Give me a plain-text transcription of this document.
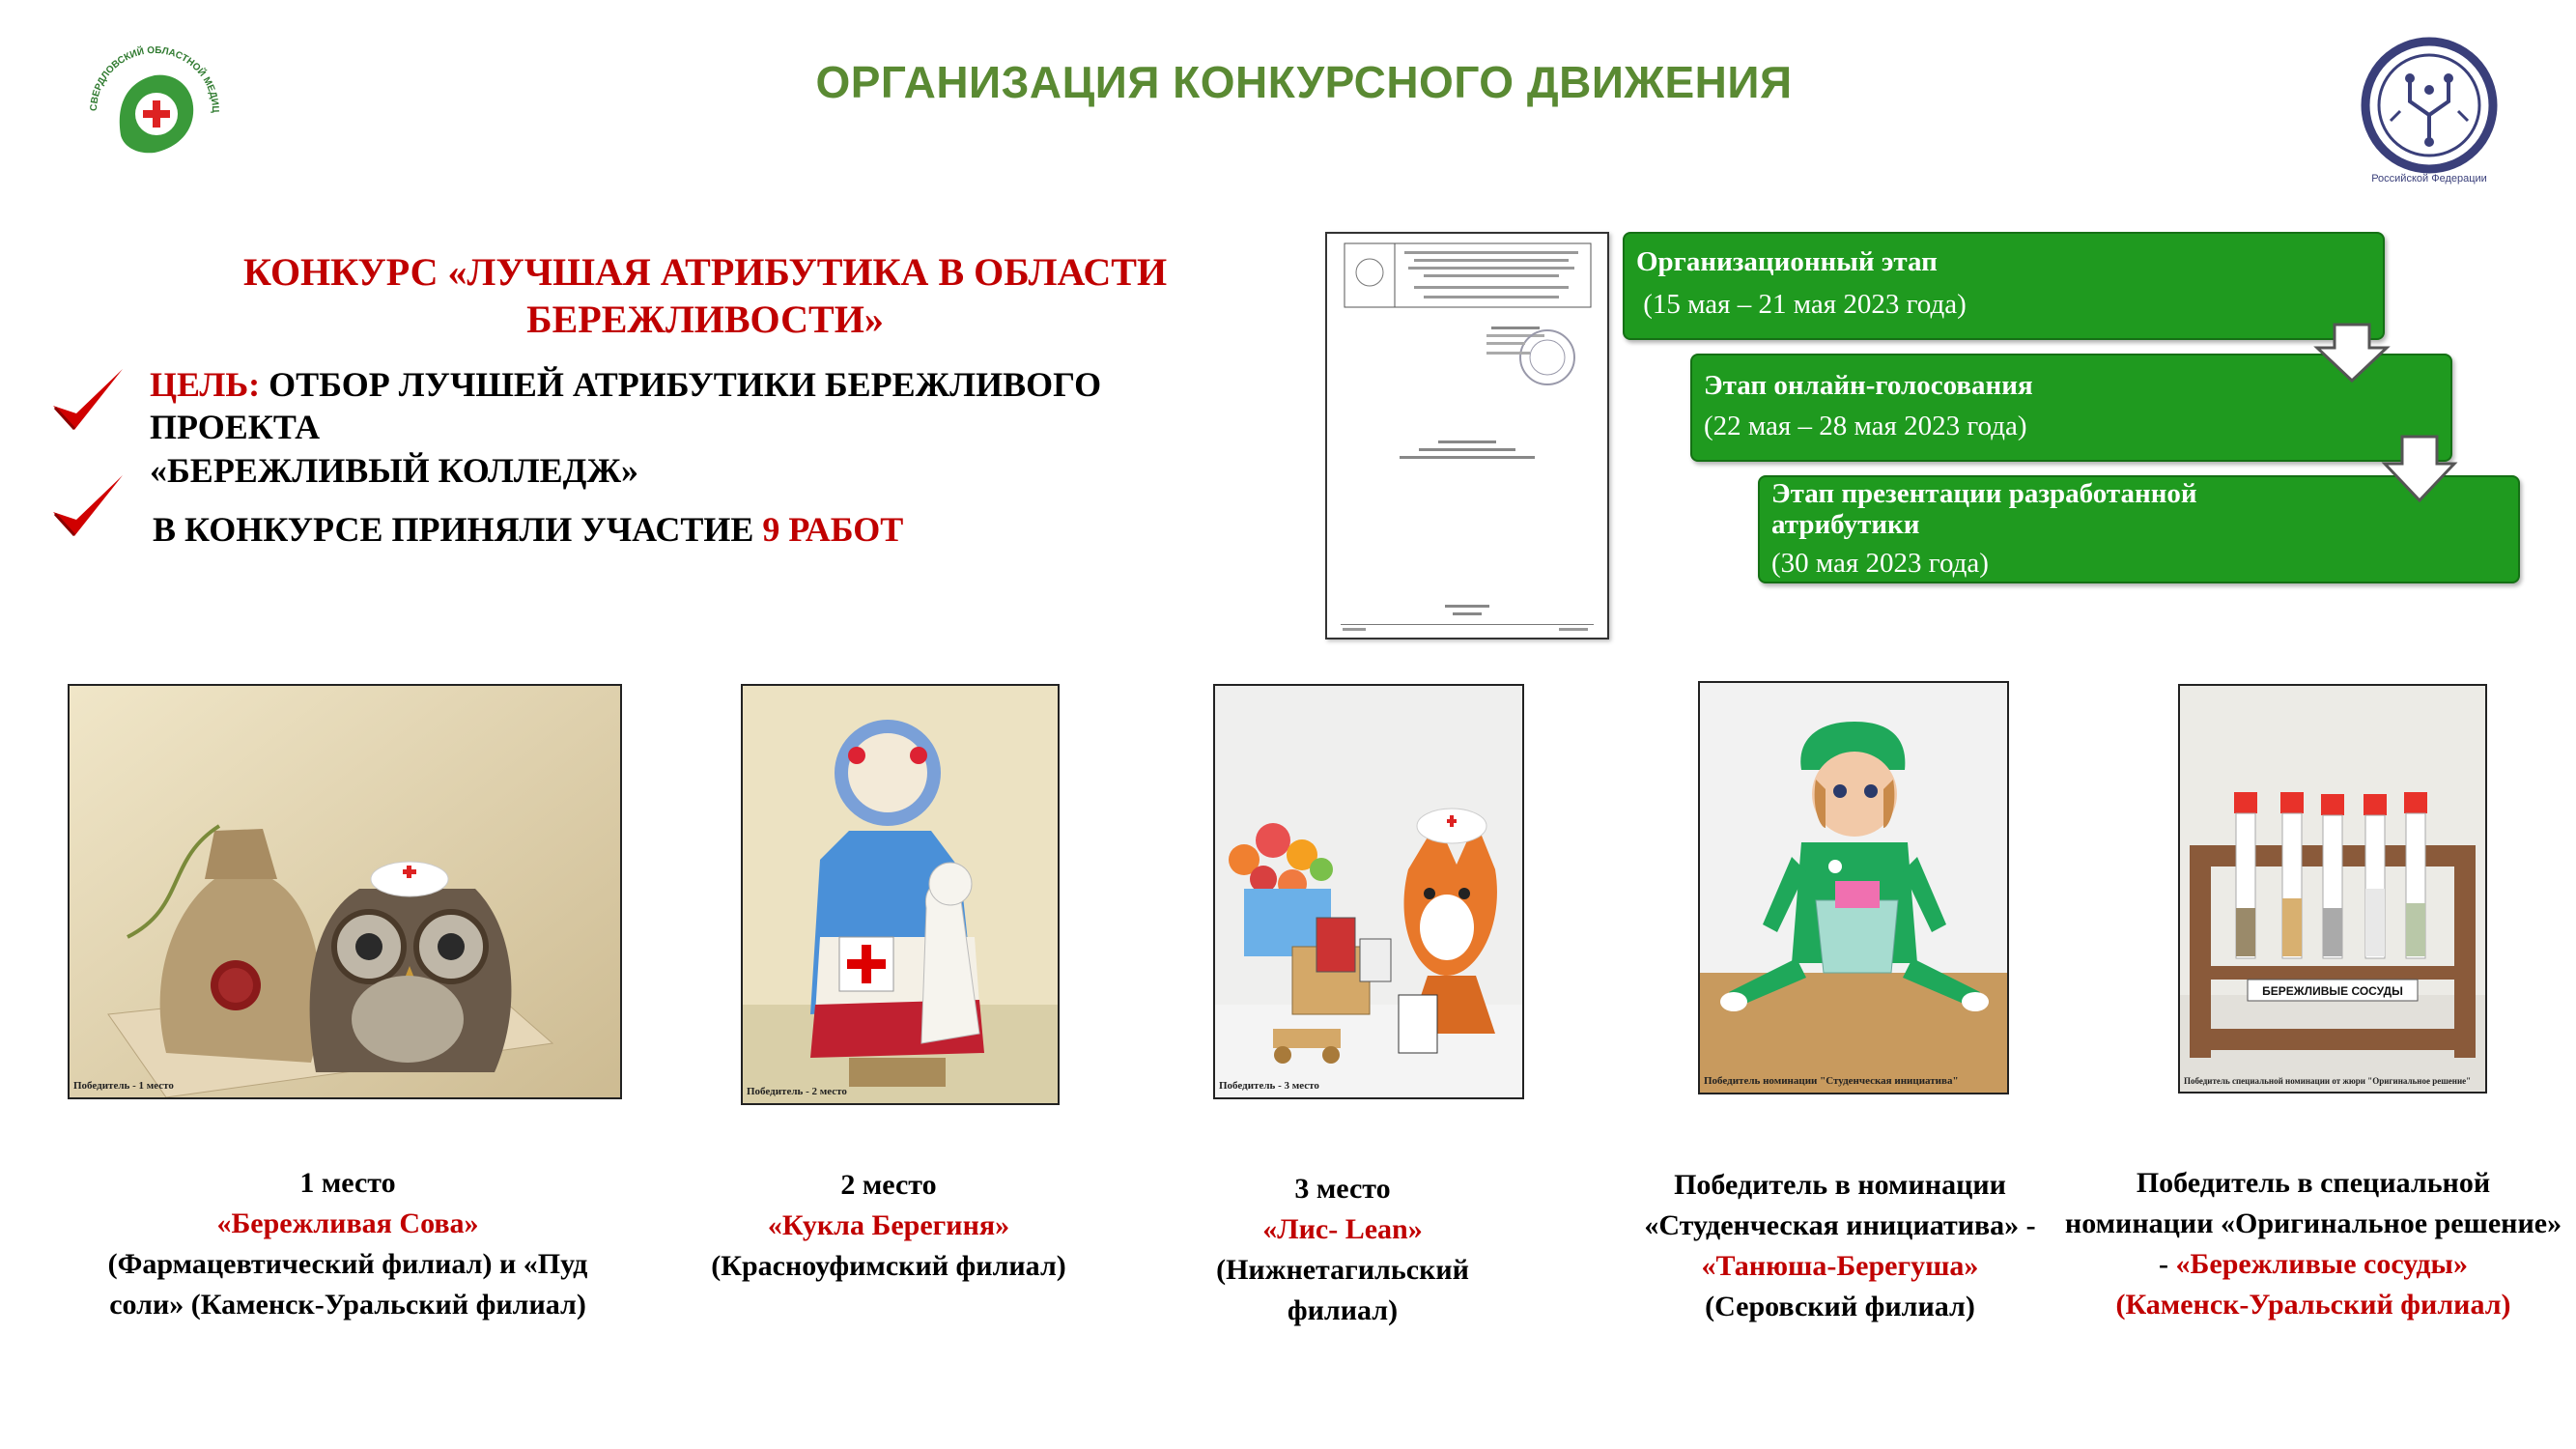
СВЕРДЛОВСКИЙ ОБЛАСТНОЙ МЕДИЦ
ОРГАНИЗАЦИЯ КОНКУРСНОГО ДВИЖЕНИЯ
Российской Федерации
КОНКУРС «ЛУЧШАЯ АТРИБУТИКА В ОБЛАСТИ БЕРЕЖЛИВОСТИ»
ЦЕЛЬ: ОТБОР ЛУЧШЕЙ АТРИБУТИКИ БЕРЕЖЛИВОГО ПРОЕКТА
«БЕРЕЖЛИВЫЙ КОЛЛЕДЖ»
В КОНКУРСЕ ПРИНЯЛИ УЧАСТИЕ 9 РАБОТ
Организационный этап
(15 мая – 21 мая 2023 года)
Этап онлайн-голосования
(22 мая – 28 мая 2023 года)
Этап презентации разработанной атрибутики
(30 мая 2023 года)
Победитель - 1 место	Победитель - 2 место	Победитель - 3 место	Победитель номинации "Студенческая инициатива"
БЕРЕЖЛИВЫЕ СОСУДЫ
Победитель специальной номинации от жюри "Оригинальное решение"
1 место
«Бережливая Сова»
(Фармацевтический филиал) и «Пуд соли» (Каменск-Уральский филиал)
2 место
«Кукла Берегиня»
(Красноуфимский филиал)
3 место
«Лис- Lean»
(Нижнетагильский филиал)
Победитель в номинации «Студенческая инициатива» - «Танюша-Берегуша»
(Серовский филиал)
Победитель в специальной номинации «Оригинальное решение» - «Бережливые сосуды»
(Каменск-Уральский филиал)
